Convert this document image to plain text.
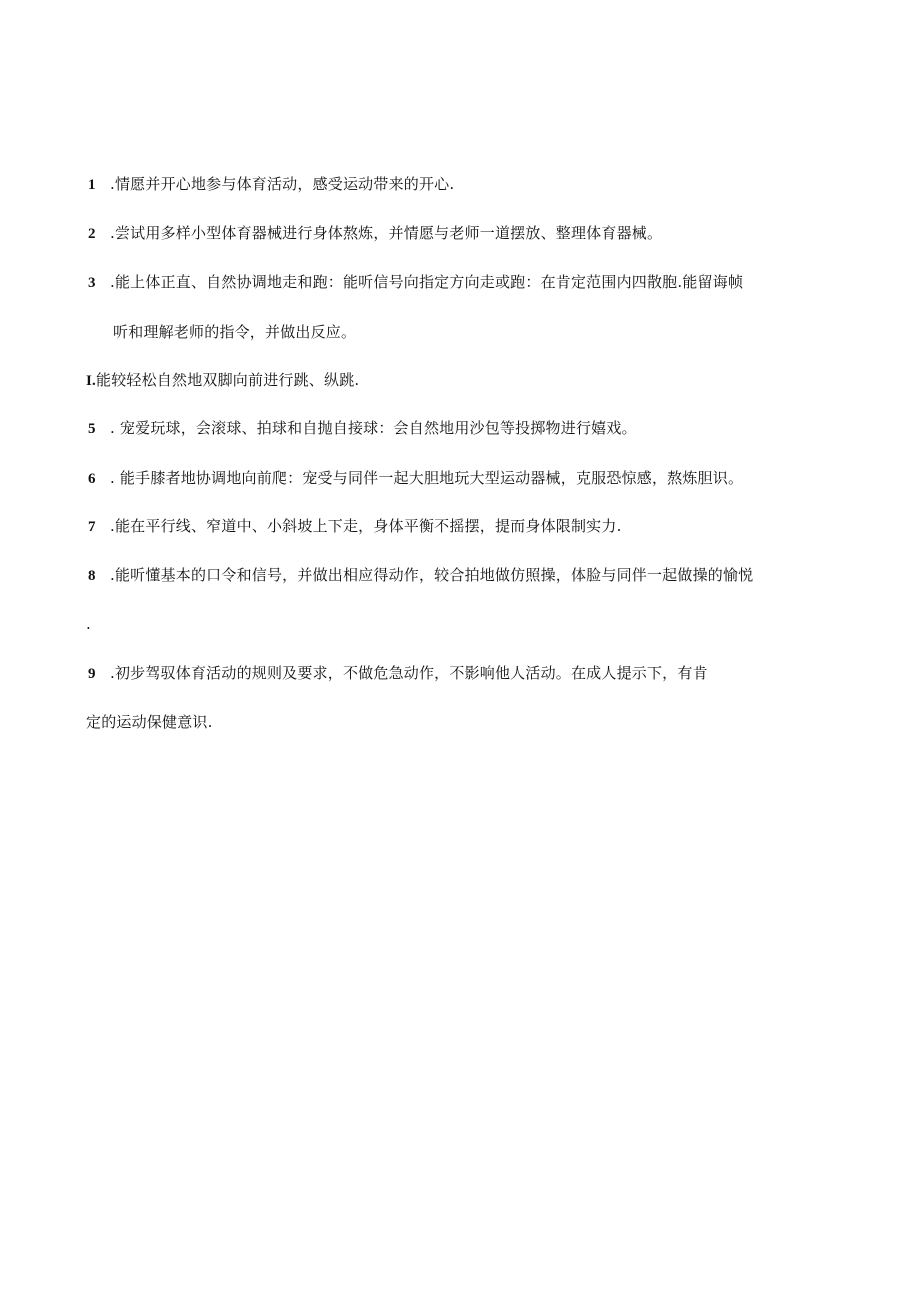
1 .情愿并开心地参与体育活动，感受运动带来的开心.
2 .尝试用多样小型体育器械进行身体熬炼，并情愿与老师一道摆放、整理体育器械。
3 .能上体正直、自然协调地走和跑：能听信号向指定方向走或跑：在肯定范围内四散胞.能留诲帧
听和理解老师的指令，并做出反应。
I.能较轻松自然地双脚向前进行跳、纵跳.
5 . 宠爱玩球，会滚球、拍球和自抛自接球：会自然地用沙包等投掷物进行嬉戏。
6 . 能手膝者地协调地向前爬：宠受与同伴一起大胆地玩大型运动器械，克服恐惊感，熬炼胆识。
7 .能在平行线、窄道中、小斜坡上下走，身体平衡不摇摆，提而身体限制实力.
8 .能听懂基本的口令和信号，并做出相应得动作，较合拍地做仿照操，体脸与同伴一起做操的愉悦
.
9 .初步驾驭体育活动的规则及要求，不做危急动作，不影响他人活动。在成人提示下，有肯
定的运动保健意识.
